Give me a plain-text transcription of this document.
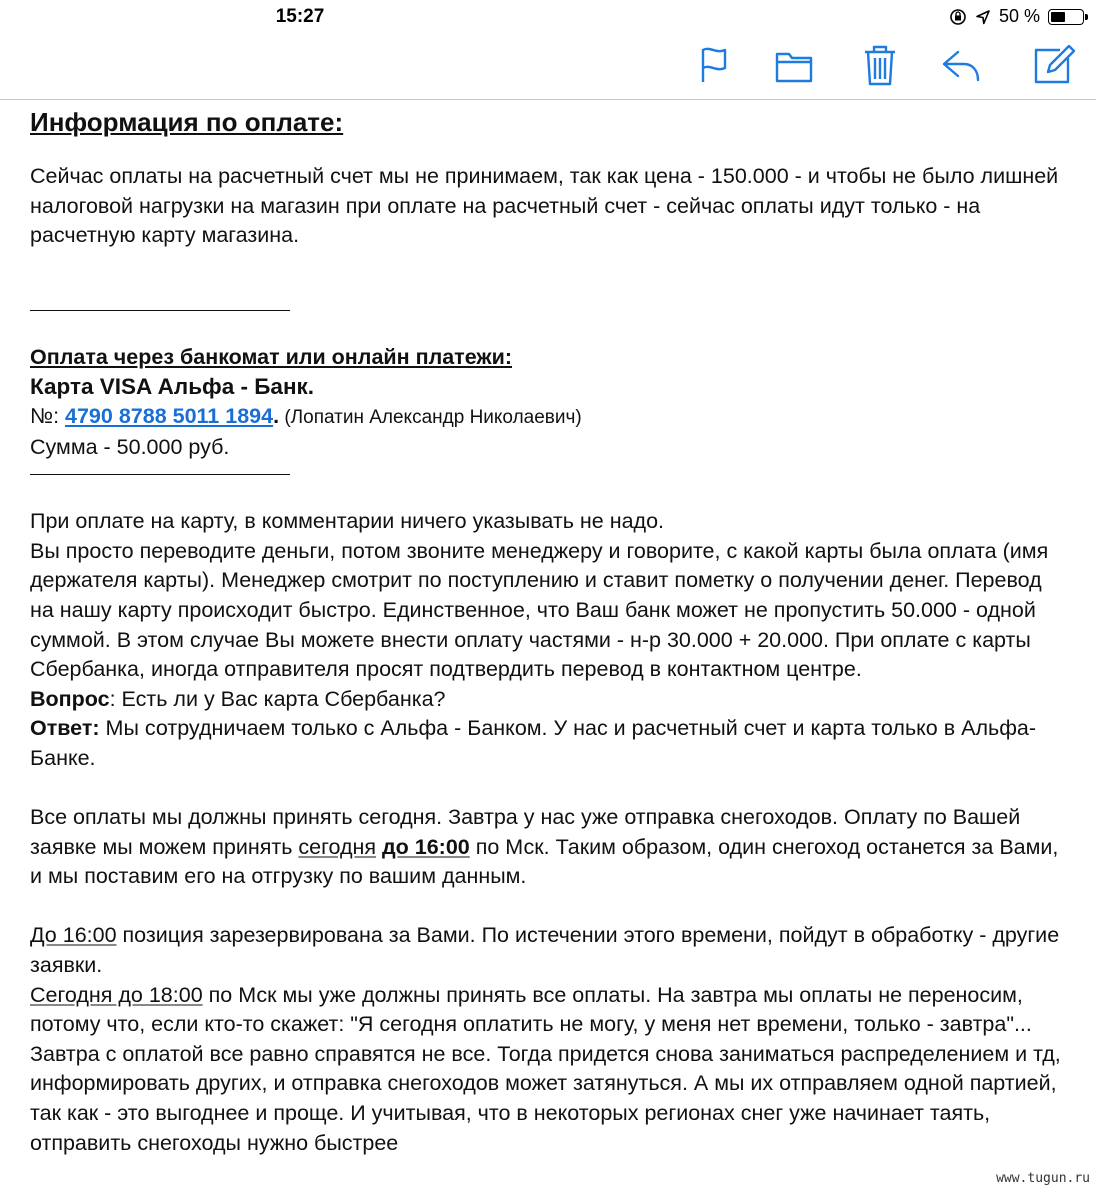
15:27	50 %

Информация по оплате:

Сейчас оплаты на расчетный счет мы не принимаем, так как цена - 150.000 - и чтобы не было лишней налоговой нагрузки на магазин при оплате на расчетный счет - сейчас оплаты идут только - на расчетную карту магазина.

Оплата через банкомат или онлайн платежи:

Карта VISA Альфа - Банк.

№: 4790 8788 5011 1894. (Лопатин Александр Николаевич)

Сумма - 50.000 руб.

При оплате на карту, в комментарии ничего указывать не надо.

Вы просто переводите деньги, потом звоните менеджеру и говорите, с какой карты была оплата (имя держателя карты). Менеджер смотрит по поступлению и ставит пометку о получении денег. Перевод на нашу карту происходит быстро. Единственное, что Ваш банк может не пропустить 50.000 - одной суммой. В этом случае Вы можете внести оплату частями - н-р 30.000 + 20.000. При оплате с карты Сбербанка, иногда отправителя просят подтвердить перевод в контактном центре.

Вопрос: Есть ли у Вас карта Сбербанка?

Ответ: Мы сотрудничаем только с Альфа - Банком. У нас и расчетный счет и карта только в Альфа-Банке.

Все оплаты мы должны принять сегодня. Завтра у нас уже отправка снегоходов. Оплату по Вашей заявке мы можем принять сегодня до 16:00 по Мск. Таким образом, один снегоход останется за Вами, и мы поставим его на отгрузку по вашим данным.

До 16:00 позиция зарезервирована за Вами. По истечении этого времени, пойдут в обработку - другие заявки.

Сегодня до 18:00 по Мск мы уже должны принять все оплаты. На завтра мы оплаты не переносим, потому что, если кто-то скажет: "Я сегодня оплатить не могу, у меня нет времени, только - завтра"... Завтра с оплатой все равно справятся не все. Тогда придется снова заниматься распределением и тд, информировать других, и отправка снегоходов может затянуться. А мы их отправляем одной партией, так как - это выгоднее и проще. И учитывая, что в некоторых регионах снег уже начинает таять, отправить снегоходы нужно быстрее

www.tugun.ru
